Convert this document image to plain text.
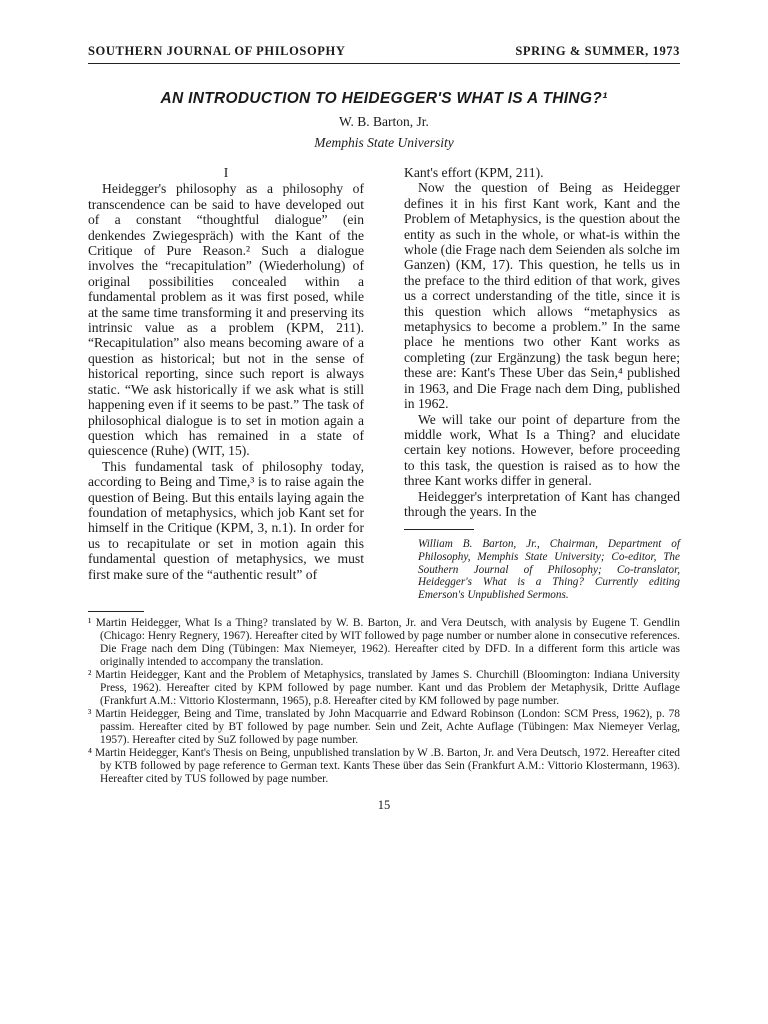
SOUTHERN JOURNAL OF PHILOSOPHY	SPRING & SUMMER, 1973
AN INTRODUCTION TO HEIDEGGER'S WHAT IS A THING?¹
W. B. Barton, Jr.
Memphis State University
I

Heidegger's philosophy as a philosophy of transcendence can be said to have developed out of a constant “thoughtful dialogue” (ein denkendes Zwiegespräch) with the Kant of the Critique of Pure Reason.² Such a dialogue involves the “recapitulation” (Wiederholung) of original possibilities concealed within a fundamental problem as it was first posed, while at the same time transforming it and preserving its intrinsic value as a problem (KPM, 211). “Recapitulation” also means becoming aware of a question as historical; but not in the sense of historical reporting, since such report is always static. “We ask historically if we ask what is still happening even if it seems to be past.” The task of philosophical dialogue is to set in motion again a question which has remained in a state of quiescence (Ruhe) (WIT, 15).

This fundamental task of philosophy today, according to Being and Time,³ is to raise again the question of Being. But this entails laying again the foundation of metaphysics, which job Kant set for himself in the Critique (KPM, 3, n.1). In order for us to recapitulate or set in motion again this fundamental question of metaphysics, we must first make sure of the “authentic result” of

Kant's effort (KPM, 211).

Now the question of Being as Heidegger defines it in his first Kant work, Kant and the Problem of Metaphysics, is the question about the entity as such in the whole, or what-is within the whole (die Frage nach dem Seienden als solche im Ganzen) (KM, 17). This question, he tells us in the preface to the third edition of that work, gives us a correct understanding of the title, since it is this question which allows “metaphysics as metaphysics to become a problem.” In the same place he mentions two other Kant works as completing (zur Ergänzung) the task begun here; these are: Kant's These Uber das Sein,⁴ published in 1963, and Die Frage nach dem Ding, published in 1962.

We will take our point of departure from the middle work, What Is a Thing? and elucidate certain key notions. However, before proceeding to this task, the question is raised as to how the three Kant works differ in general.

Heidegger's interpretation of Kant has changed through the years. In the

William B. Barton, Jr., Chairman, Department of Philosophy, Memphis State University; Co-editor, The Southern Journal of Philosophy; Co-translator, Heidegger's What is a Thing? Currently editing Emerson's Unpublished Sermons.

¹ Martin Heidegger, What Is a Thing? translated by W. B. Barton, Jr. and Vera Deutsch, with analysis by Eugene T. Gendlin (Chicago: Henry Regnery, 1967). Hereafter cited by WIT followed by page number or number alone in consecutive references. Die Frage nach dem Ding (Tübingen: Max Niemeyer, 1962). Hereafter cited by DFD. In a different form this article was originally intended to accompany the translation.

² Martin Heidegger, Kant and the Problem of Metaphysics, translated by James S. Churchill (Bloomington: Indiana University Press, 1962). Hereafter cited by KPM followed by page number. Kant und das Problem der Metaphysik, Dritte Auflage (Frankfurt A.M.: Vittorio Klostermann, 1965), p.8. Hereafter cited by KM followed by page number.

³ Martin Heidegger, Being and Time, translated by John Macquarrie and Edward Robinson (London: SCM Press, 1962), p. 78 passim. Hereafter cited by BT followed by page number. Sein und Zeit, Achte Auflage (Tübingen: Max Niemeyer Verlag, 1957). Hereafter cited by SuZ followed by page number.

⁴ Martin Heidegger, Kant's Thesis on Being, unpublished translation by W .B. Barton, Jr. and Vera Deutsch, 1972. Hereafter cited by KTB followed by page reference to German text. Kants These über das Sein (Frankfurt A.M.: Vittorio Klostermann, 1963). Hereafter cited by TUS followed by page number.

15
